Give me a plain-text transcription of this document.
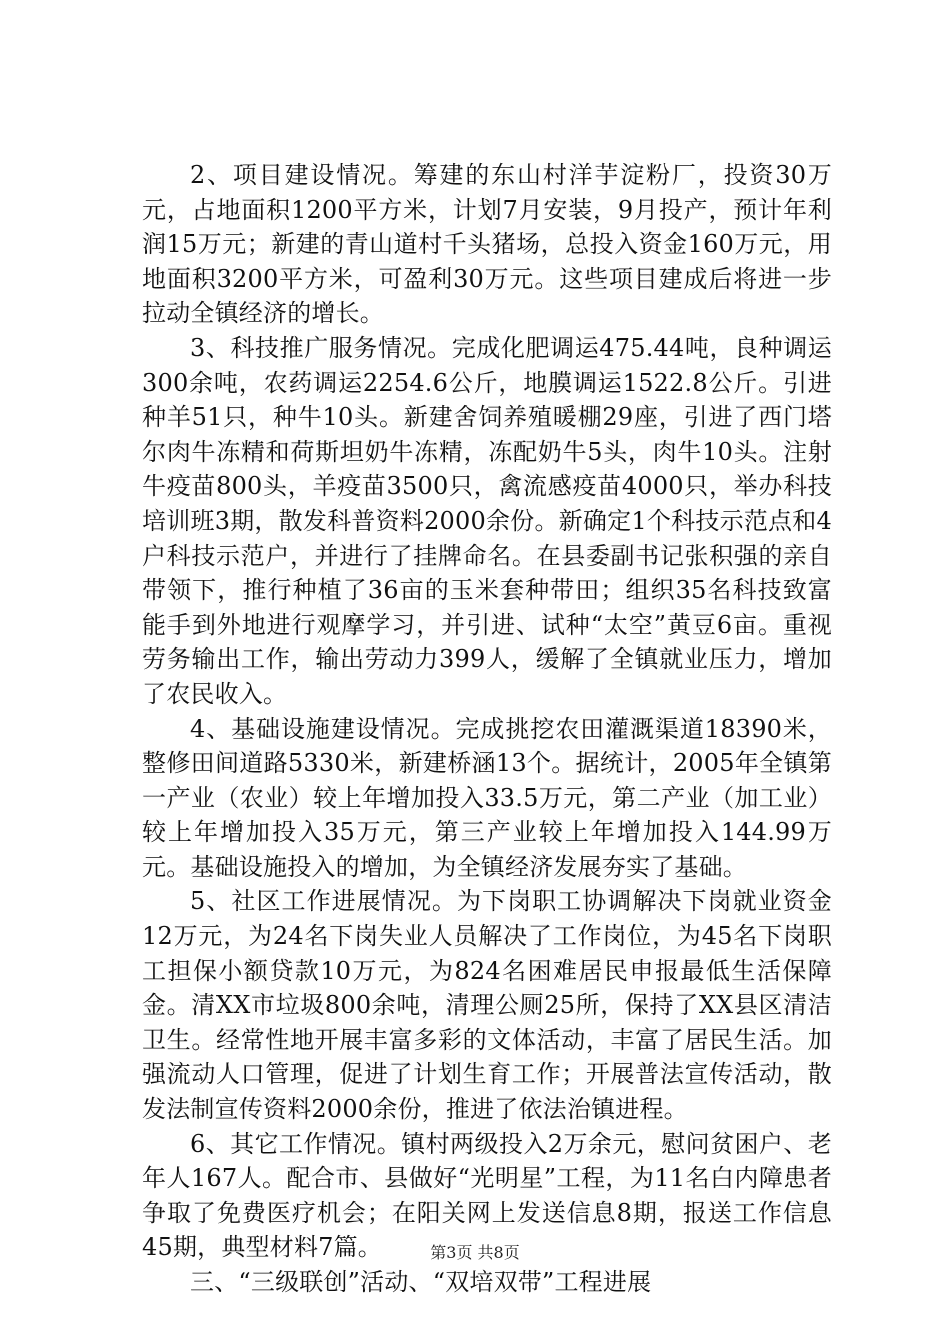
2、项目建设情况。筹建的东山村洋芋淀粉厂，投资30万元，占地面积1200平方米，计划7月安装，9月投产，预计年利润15万元；新建的青山道村千头猪场，总投入资金160万元，用地面积3200平方米，可盈利30万元。这些项目建成后将进一步拉动全镇经济的增长。

3、科技推广服务情况。完成化肥调运475.44吨，良种调运300余吨，农药调运2254.6公斤，地膜调运1522.8公斤。引进种羊51只，种牛10头。新建舍饲养殖暖棚29座，引进了西门塔尔肉牛冻精和荷斯坦奶牛冻精，冻配奶牛5头，肉牛10头。注射牛疫苗800头，羊疫苗3500只，禽流感疫苗4000只，举办科技培训班3期，散发科普资料2000余份。新确定1个科技示范点和4户科技示范户，并进行了挂牌命名。在县委副书记张积强的亲自带领下，推行种植了36亩的玉米套种带田；组织35名科技致富能手到外地进行观摩学习，并引进、试种“太空”黄豆6亩。重视劳务输出工作，输出劳动力399人，缓解了全镇就业压力，增加了农民收入。

4、基础设施建设情况。完成挑挖农田灌溉渠道18390米，整修田间道路5330米，新建桥涵13个。据统计，2005年全镇第一产业（农业）较上年增加投入33.5万元，第二产业（加工业）较上年增加投入35万元，第三产业较上年增加投入144.99万元。基础设施投入的增加，为全镇经济发展夯实了基础。

5、社区工作进展情况。为下岗职工协调解决下岗就业资金12万元，为24名下岗失业人员解决了工作岗位，为45名下岗职工担保小额贷款10万元，为824名困难居民申报最低生活保障金。清XX市垃圾800余吨，清理公厕25所，保持了XX县区清洁卫生。经常性地开展丰富多彩的文体活动，丰富了居民生活。加强流动人口管理，促进了计划生育工作；开展普法宣传活动，散发法制宣传资料2000余份，推进了依法治镇进程。

6、其它工作情况。镇村两级投入2万余元，慰问贫困户、老年人167人。配合市、县做好“光明星”工程，为11名白内障患者争取了免费医疗机会；在阳关网上发送信息8期，报送工作信息45期，典型材料7篇。

三、“三级联创”活动、“双培双带”工程进展

第3页 共8页
